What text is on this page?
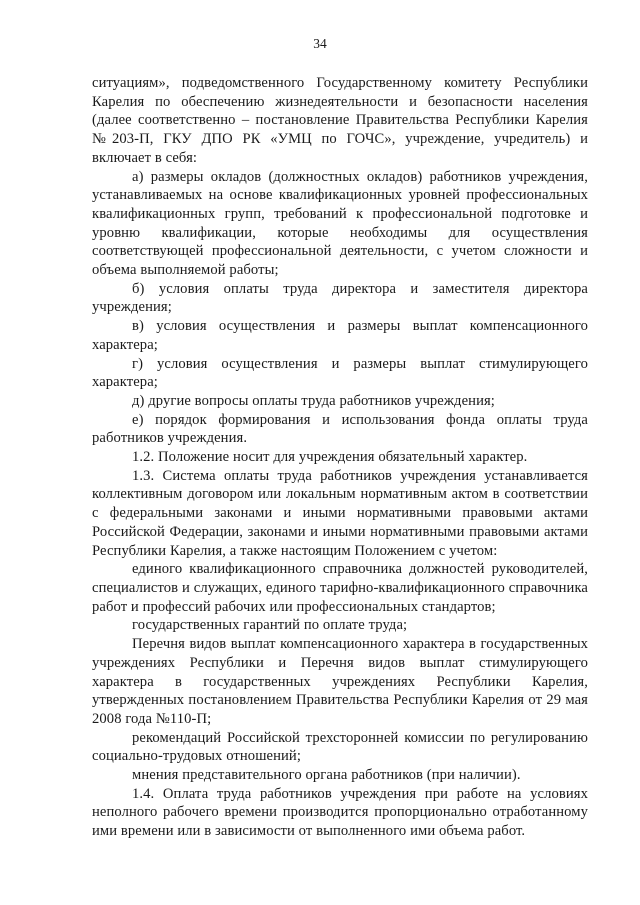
34

ситуациям», подведомственного Государственному комитету Республики Карелия по обеспечению жизнедеятельности и безопасности населения (далее соответственно – постановление Правительства Республики Карелия №203-П, ГКУ ДПО РК «УМЦ по ГОЧС», учреждение, учредитель) и включает в себя:

а) размеры окладов (должностных окладов) работников учреждения, устанавливаемых на основе квалификационных уровней профессиональных квалификационных групп, требований к профессиональной подготовке и уровню квалификации, которые необходимы для осуществления соответствующей профессиональной деятельности, с учетом сложности и объема выполняемой работы;

б) условия оплаты труда директора и заместителя директора учреждения;

в) условия осуществления и размеры выплат компенсационного характера;

г) условия осуществления и размеры выплат стимулирующего характера;

д) другие вопросы оплаты труда работников учреждения;

е) порядок формирования и использования фонда оплаты труда работников учреждения.

1.2. Положение носит для учреждения обязательный характер.

1.3. Система оплаты труда работников учреждения устанавливается коллективным договором или локальным нормативным актом в соответствии с федеральными законами и иными нормативными правовыми актами Российской Федерации, законами и иными нормативными правовыми актами Республики Карелия, а также настоящим Положением с учетом:

единого квалификационного справочника должностей руководителей, специалистов и служащих, единого тарифно-квалификационного справочника работ и профессий рабочих или профессиональных стандартов;

государственных гарантий по оплате труда;

Перечня видов выплат компенсационного характера в государственных учреждениях Республики и Перечня видов выплат стимулирующего характера в государственных учреждениях Республики Карелия, утвержденных постановлением Правительства Республики Карелия от 29 мая 2008 года №110-П;

рекомендаций Российской трехсторонней комиссии по регулированию социально-трудовых отношений;

мнения представительного органа работников (при наличии).

1.4. Оплата труда работников учреждения при работе на условиях неполного рабочего времени производится пропорционально отработанному ими времени или в зависимости от выполненного ими объема работ.
